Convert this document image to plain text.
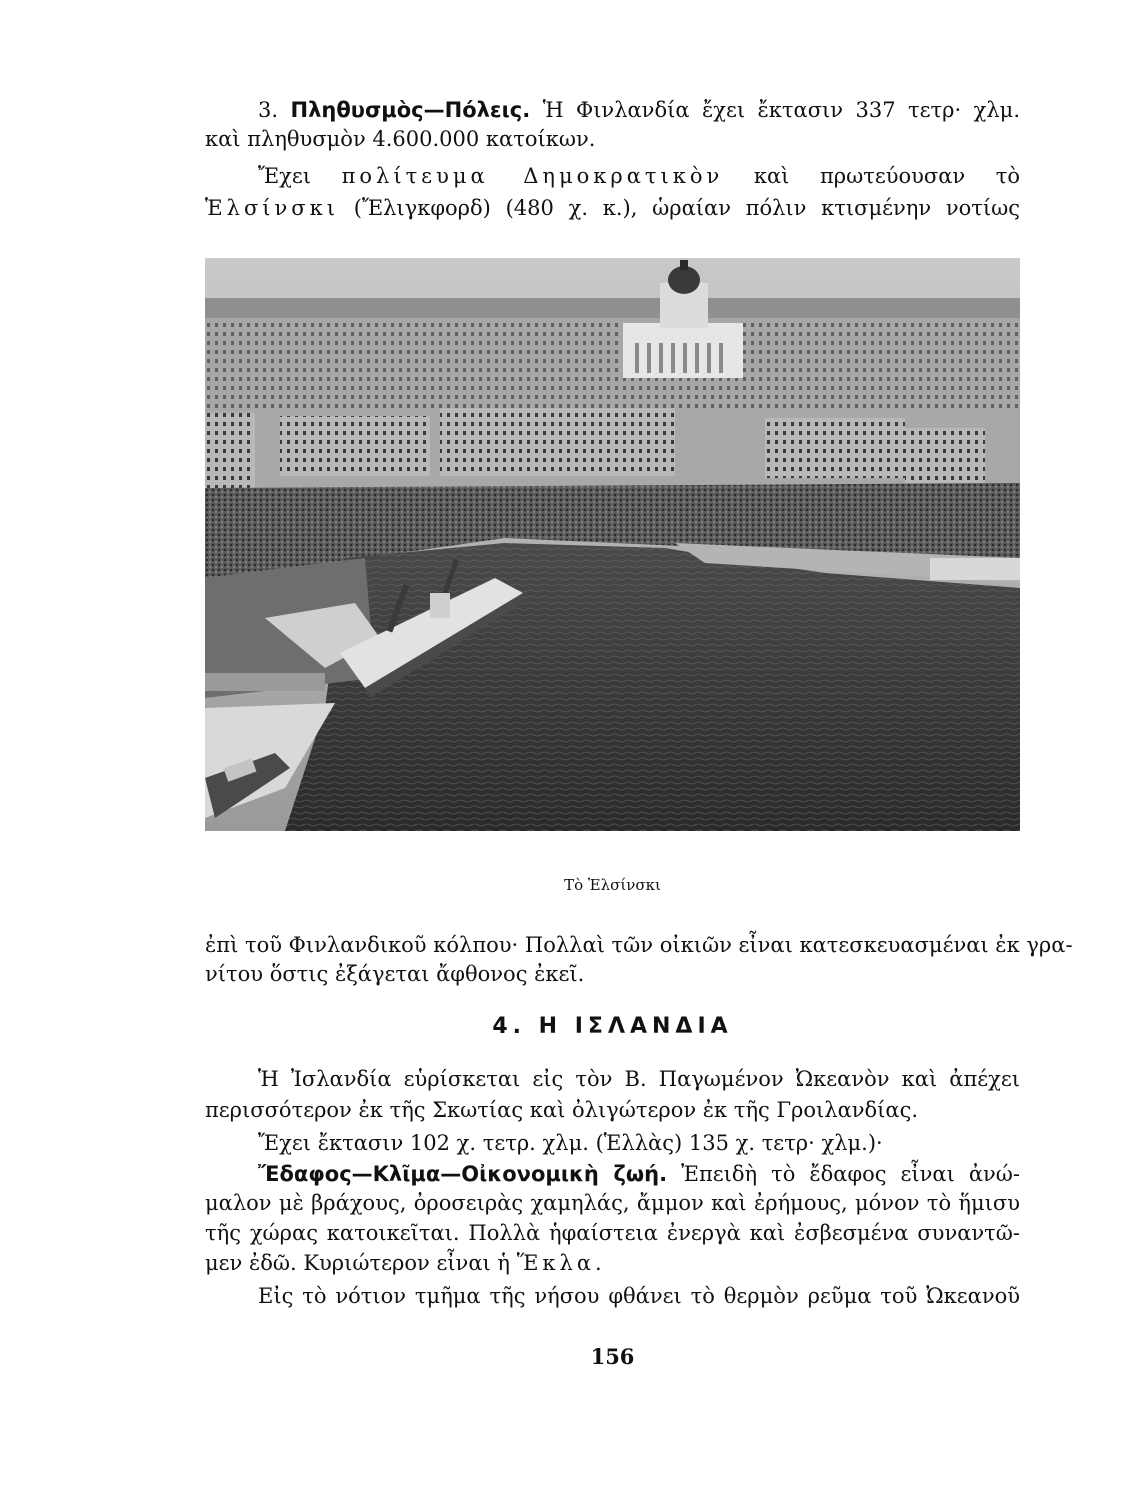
3. Πληθυσμὸς—Πόλεις. Ἡ Φινλανδία ἔχει ἔκτασιν 337 τετρ· χλμ.
καὶ πληθυσμὸν 4.600.000 κατοίκων.
Ἔχει πολίτευμα Δημοκρατικὸν καὶ πρωτεύουσαν τὸ
Ἑλσίνσκι (Ἔλιγκφορδ) (480 χ. κ.), ὡραίαν πόλιν κτισμένην νοτίως
Τὸ Ἑλσίνσκι
ἐπὶ τοῦ Φινλανδικοῦ κόλπου· Πολλαὶ τῶν οἰκιῶν εἶναι κατεσκευασμέναι ἐκ γρα-
νίτου ὅστις ἐξάγεται ἄφθονος ἐκεῖ.
4. Η ΙΣΛΑΝΔΙΑ
Ἡ Ἰσλανδία εὑρίσκεται εἰς τὸν Β. Παγωμένον Ὠκεανὸν καὶ ἀπέχει
περισσότερον ἐκ τῆς Σκωτίας καὶ ὀλιγώτερον ἐκ τῆς Γροιλανδίας.
Ἔχει ἔκτασιν 102 χ. τετρ. χλμ. (Ἑλλὰς) 135 χ. τετρ· χλμ.)·
Ἔδαφος—Κλῖμα—Οἰκονομικὴ ζωή. Ἐπειδὴ τὸ ἔδαφος εἶναι ἀνώ-
μαλον μὲ βράχους, ὀροσειρὰς χαμηλάς, ἄμμον καὶ ἐρήμους, μόνον τὸ ἥμισυ
τῆς χώρας κατοικεῖται. Πολλὰ ἡφαίστεια ἐνεργὰ καὶ ἐσβεσμένα συναντῶ-
μεν ἐδῶ. Κυριώτερον εἶναι ἡ Ἕκλα.
Εἰς τὸ νότιον τμῆμα τῆς νήσου φθάνει τὸ θερμὸν ρεῦμα τοῦ Ὠκεανοῦ
156
